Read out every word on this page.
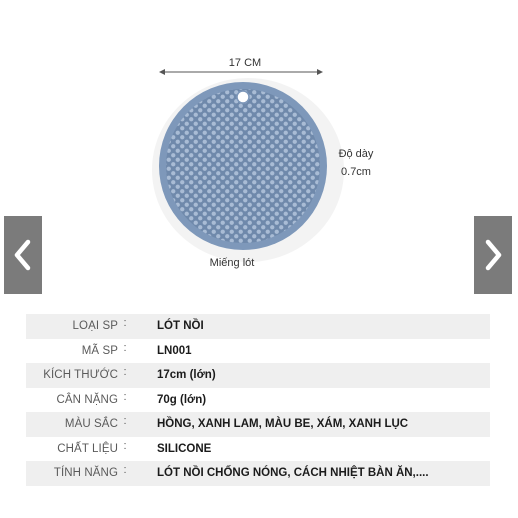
17 CM
Độ dày
0.7cm
Miếng lót
LOẠI SP :	LÓT NỒI
MÃ SP :	LN001
KÍCH THƯỚC :	17cm (lớn)
CÂN NẶNG :	70g (lớn)
MÀU SẮC :	HỒNG, XANH LAM, MÀU BE, XÁM, XANH LỤC
CHẤT LIỆU :	SILICONE
TÍNH NĂNG :	LÓT NỒI CHỐNG NÓNG, CÁCH NHIỆT BÀN ĂN,....
